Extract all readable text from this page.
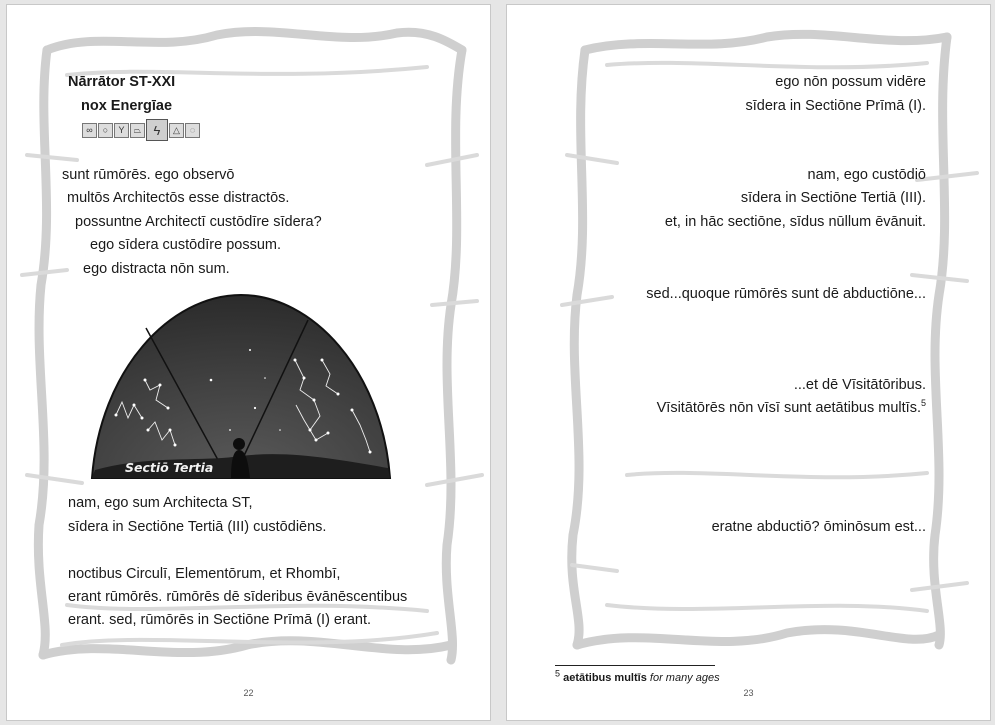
Nārrātor ST-XXI
nox Energīae
∞	○	Y	⏢ ϟ	△	◌
sunt rūmōrēs. ego observō
multōs Architectōs esse distractōs.
possuntne Architectī custōdīre sīdera?
ego sīdera custōdīre possum.
ego distracta nōn sum.
Sectiō Tertia
nam, ego sum Architecta ST,
sīdera in Sectiōne Tertiā (III) custōdiēns.
noctibus Circulī, Elementōrum, et Rhombī,
erant rūmōrēs. rūmōrēs dē sīderibus ēvānēscentibus
erant. sed, rūmōrēs in Sectiōne Prīmā (I) erant.
22
ego nōn possum vidēre
sīdera in Sectiōne Prīmā (I).
nam, ego custōdiō
sīdera in Sectiōne Tertiā (III).
et, in hāc sectiōne, sīdus nūllum ēvānuit.
sed...quoque rūmōrēs sunt dē abductiōne...
...et dē Vīsitātōribus.
Vīsitātōrēs nōn vīsī sunt aetātibus multīs.$^5$
eratne abductiō? ōminōsum est...
$^5$ aetātibus multīs for many ages
23
